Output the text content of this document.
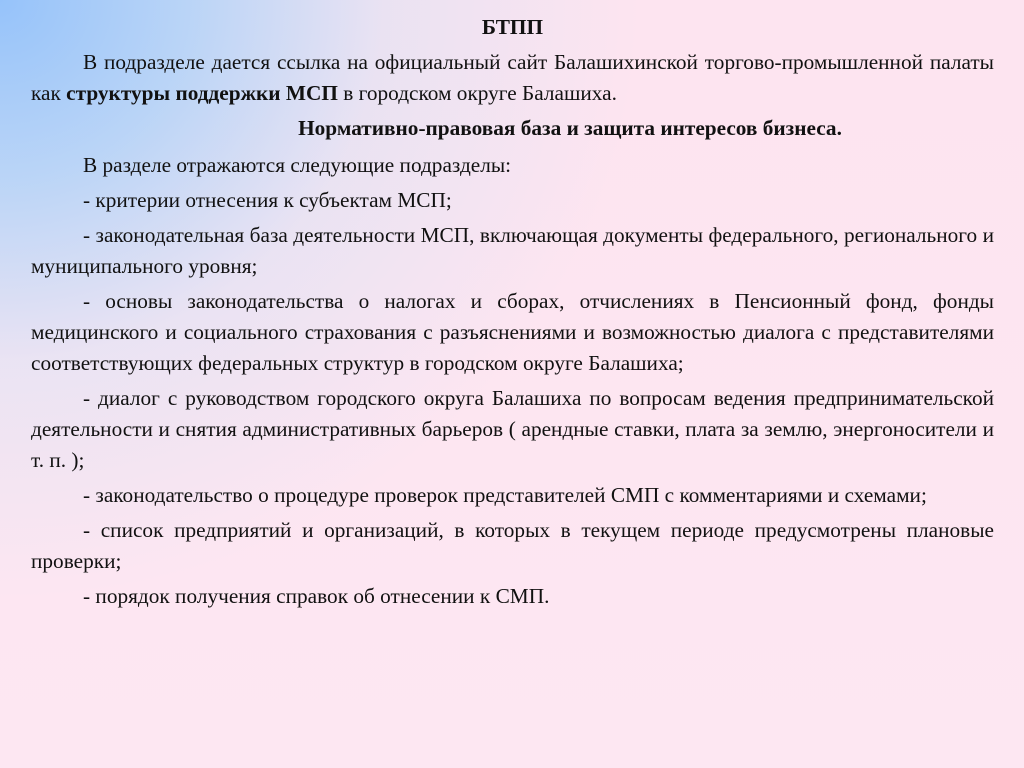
БТПП

В подразделе дается ссылка на официальный сайт Балашихинской торгово-промышленной палаты как структуры поддержки МСП в городском округе Балашиха.

Нормативно-правовая база и защита интересов бизнеса.

В разделе отражаются следующие подразделы:

- критерии отнесения к субъектам МСП;

- законодательная база деятельности МСП, включающая документы федерального, регионального и муниципального уровня;

- основы законодательства о налогах и сборах, отчислениях в Пенсионный фонд, фонды медицинского и социального страхования с разъяснениями и возможностью диалога с представителями соответствующих федеральных структур в городском округе Балашиха;

- диалог с руководством городского округа Балашиха по вопросам ведения предпринимательской деятельности и снятия административных барьеров ( арендные ставки, плата за землю, энергоносители и т. п. );

- законодательство о процедуре проверок представителей СМП с комментариями и схемами;

- список предприятий и организаций, в которых в текущем периоде предусмотрены плановые проверки;

- порядок получения справок об отнесении к СМП.
